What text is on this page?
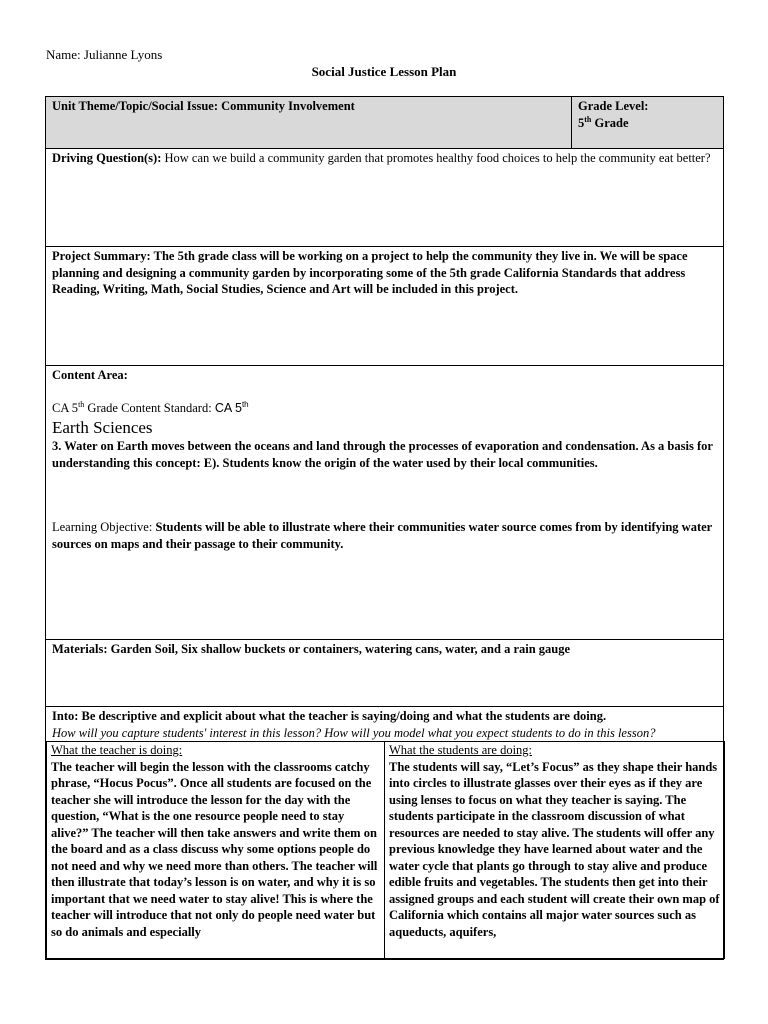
Name: Julianne Lyons
Social Justice Lesson Plan
Unit Theme/Topic/Social Issue: Community Involvement	Grade Level:
5th Grade

Driving Question(s): How can we build a community garden that promotes healthy food choices to help the community eat better?
Project Summary: The 5th grade class will be working on a project to help the community they live in. We will be space planning and designing a community garden by incorporating some of the 5th grade California Standards that address Reading, Writing, Math, Social Studies, Science and Art will be included in this project.

Content Area:
CA 5th Grade Content Standard: CA 5th
Earth Sciences
3. Water on Earth moves between the oceans and land through the processes of evaporation and condensation. As a basis for understanding this concept: E). Students know the origin of the water used by their local communities.
Learning Objective: Students will be able to illustrate where their communities water source comes from by identifying water sources on maps and their passage to their community.

Materials: Garden Soil, Six shallow buckets or containers, watering cans, water, and a rain gauge

Into: Be descriptive and explicit about what the teacher is saying/doing and what the students are doing.
How will you capture students' interest in this lesson? How will you model what you expect students to do in this lesson?
What the teacher is doing:
The teacher will begin the lesson with the classrooms catchy phrase, “Hocus Pocus”. Once all students are focused on the teacher she will introduce the lesson for the day with the question, “What is the one resource people need to stay alive?” The teacher will then take answers and write them on the board and as a class discuss why some options people do not need and why we need more than others. The teacher will then illustrate that today’s lesson is on water, and why it is so important that we need water to stay alive! This is where the teacher will introduce that not only do people need water but so do animals and especially

What the students are doing:
The students will say, “Let’s Focus” as they shape their hands into circles to illustrate glasses over their eyes as if they are using lenses to focus on what they teacher is saying. The students participate in the classroom discussion of what resources are needed to stay alive. The students will offer any previous knowledge they have learned about water and the water cycle that plants go through to stay alive and produce edible fruits and vegetables. The students then get into their assigned groups and each student will create their own map of California which contains all major water sources such as aqueducts, aquifers,
